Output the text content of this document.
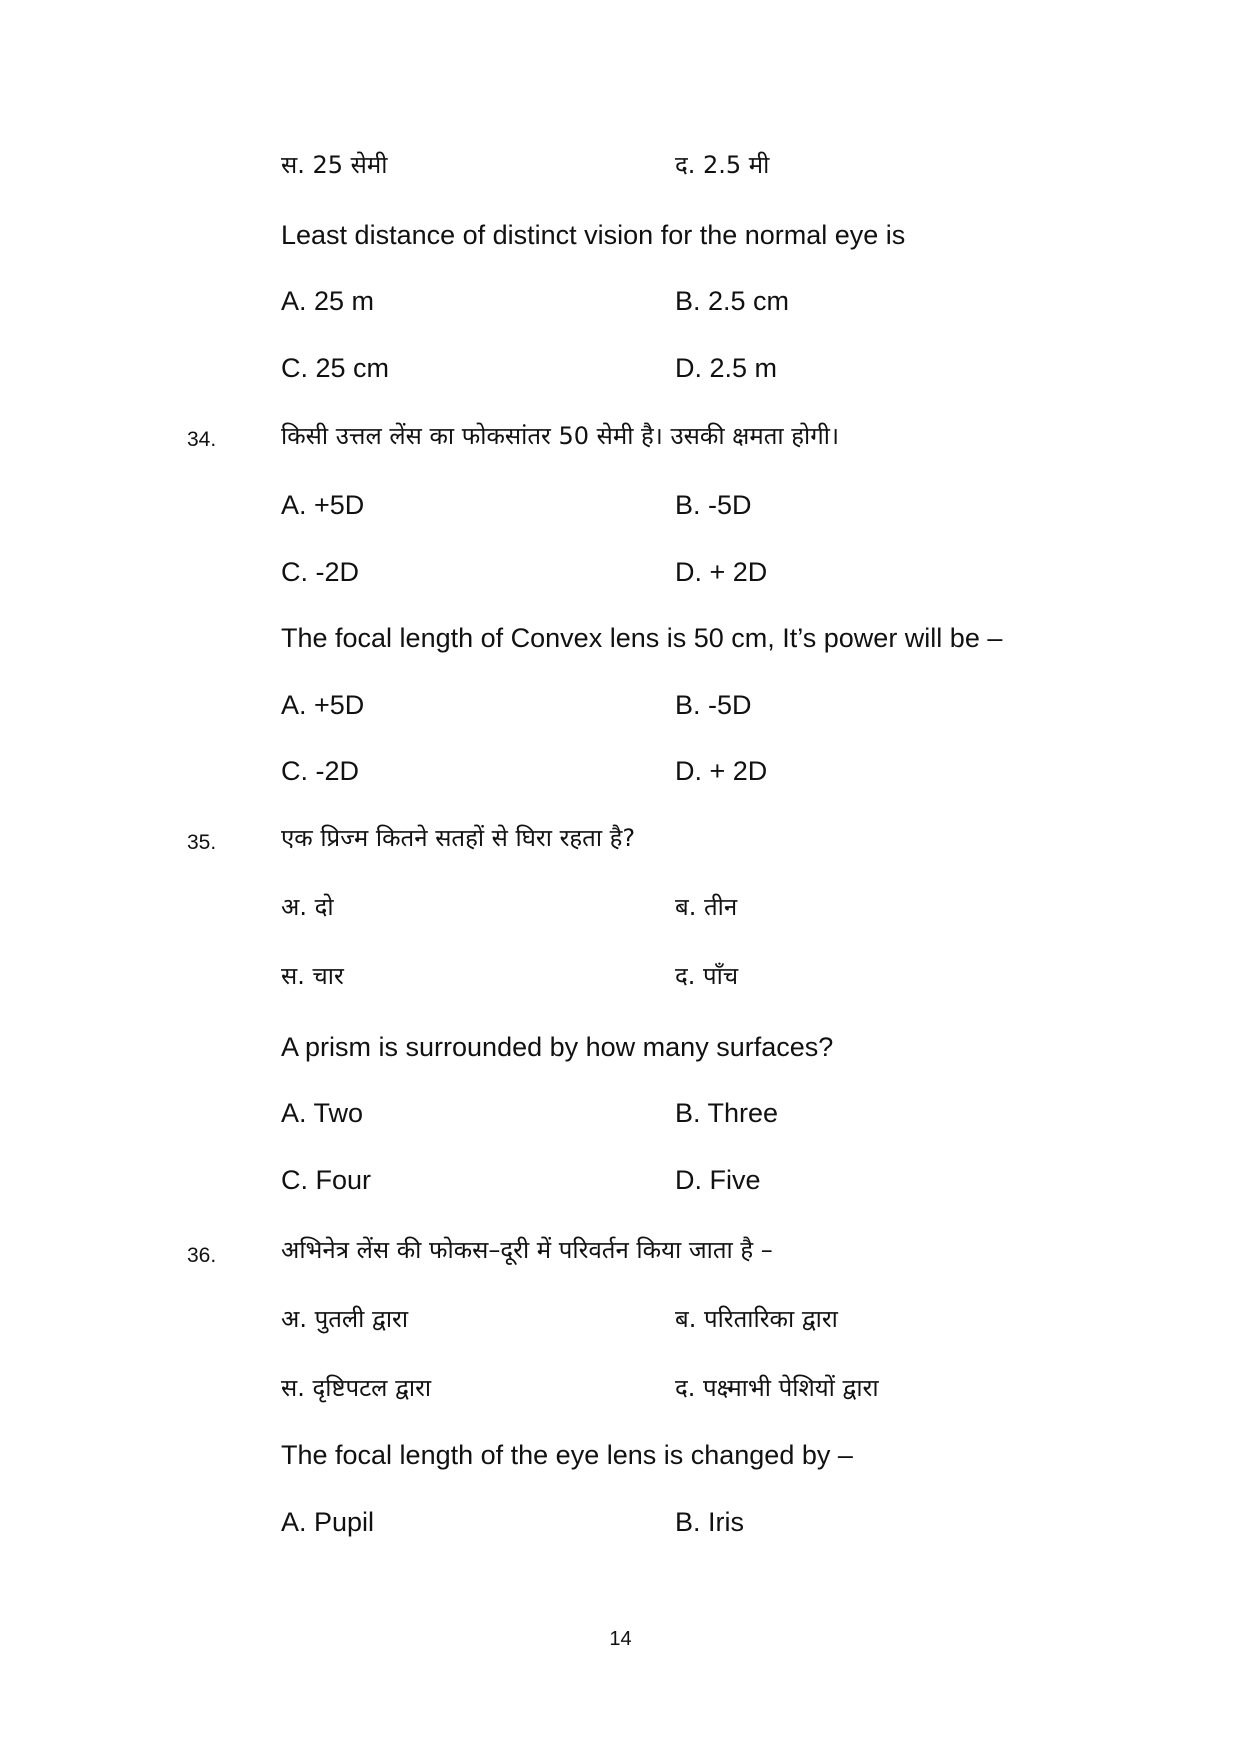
स. 25 सेमी	द. 2.5 मी
Least distance of distinct vision for the normal eye is
A. 25 m	B. 2.5 cm
C. 25 cm	D. 2.5 m
34.	किसी उत्तल लेंस का फोकसांतर 50 सेमी है। उसकी क्षमता होगी।
A. +5D	B. -5D
C. -2D	D. + 2D
The focal length of Convex lens is 50 cm, It’s power will be –
A. +5D	B. -5D
C. -2D	D. + 2D
35.	एक प्रिज्म कितने सतहों से घिरा रहता है?
अ. दो	ब. तीन
स. चार	द. पाँच
A prism is surrounded by how many surfaces?
A. Two	B. Three
C. Four	D. Five
36.	अभिनेत्र लेंस की फोकस–दूरी में परिवर्तन किया जाता है –
अ. पुतली द्वारा	ब. परितारिका द्वारा
स. दृष्टिपटल द्वारा	द. पक्ष्माभी पेशियों द्वारा
The focal length of the eye lens is changed by –
A. Pupil	B. Iris
14
